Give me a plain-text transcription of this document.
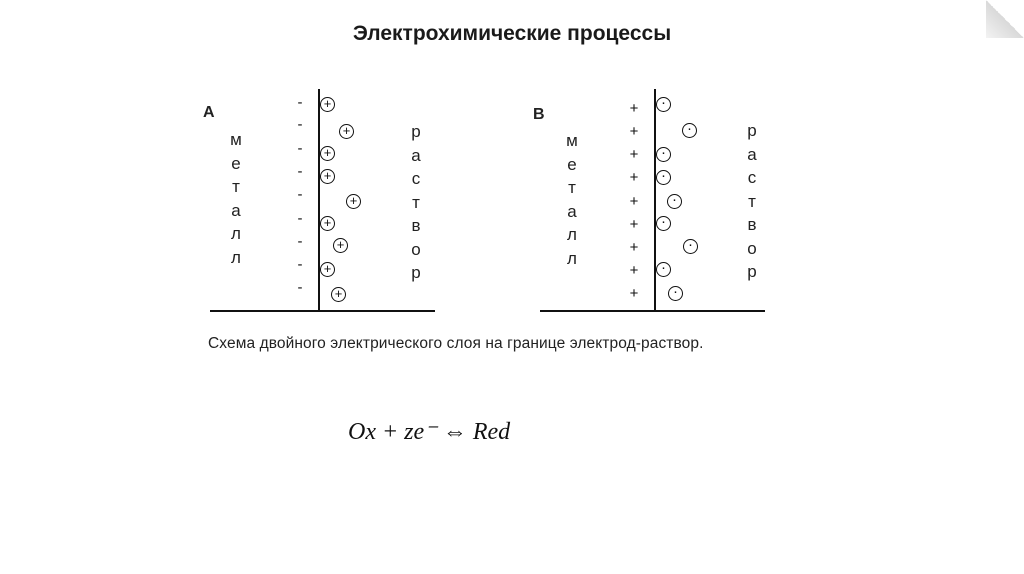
Электрохимические процессы
A
м
е
т
а
л
л
р
а
с
т
в
о
р
-
-
-
-
-
-
-
-
-
+
+
+
+
+
+
+
+
+
B
м
е
т
а
л
л
р
а
с
т
в
о
р
+
+
+
+
+
+
+
+
+
·
·
·
·
·
·
·
·
·
Схема двойного электрического слоя на границе электрод-раствор.
Ox + ze⁻ ⇔ Red
